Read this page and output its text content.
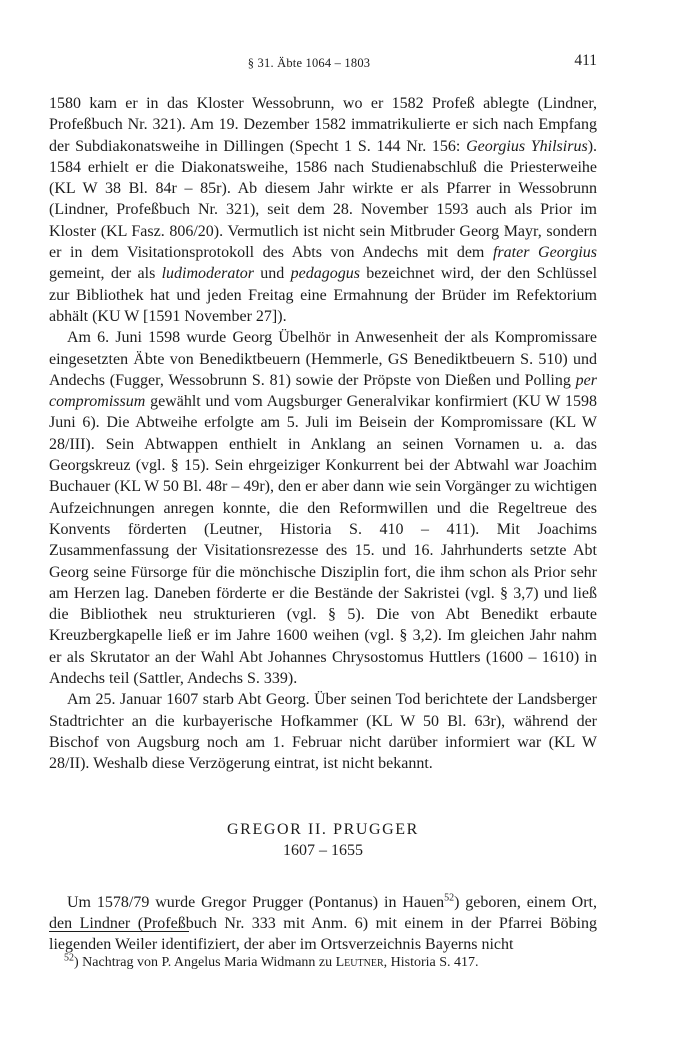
§ 31. Äbte 1064 – 1803	411

1580 kam er in das Kloster Wessobrunn, wo er 1582 Profeß ablegte (Lindner, Profeßbuch Nr. 321). Am 19. Dezember 1582 immatrikulierte er sich nach Empfang der Subdiakonatsweihe in Dillingen (Specht 1 S. 144 Nr. 156: Georgius Yhilsirus). 1584 erhielt er die Diakonatsweihe, 1586 nach Studienabschluß die Priesterweihe (KL W 38 Bl. 84r – 85r). Ab diesem Jahr wirkte er als Pfarrer in Wessobrunn (Lindner, Profeßbuch Nr. 321), seit dem 28. November 1593 auch als Prior im Kloster (KL Fasz. 806/20). Vermutlich ist nicht sein Mitbruder Georg Mayr, sondern er in dem Visitationsprotokoll des Abts von Andechs mit dem frater Georgius gemeint, der als ludimoderator und pedagogus bezeichnet wird, der den Schlüssel zur Bibliothek hat und jeden Freitag eine Ermahnung der Brüder im Refektorium abhält (KU W [1591 November 27]).

Am 6. Juni 1598 wurde Georg Übelhör in Anwesenheit der als Kompromissare eingesetzten Äbte von Benediktbeuern (Hemmerle, GS Benediktbeuern S. 510) und Andechs (Fugger, Wessobrunn S. 81) sowie der Pröpste von Dießen und Polling per compromissum gewählt und vom Augsburger Generalvikar konfirmiert (KU W 1598 Juni 6). Die Abtweihe erfolgte am 5. Juli im Beisein der Kompromissare (KL W 28/III). Sein Abtwappen enthielt in Anklang an seinen Vornamen u. a. das Georgskreuz (vgl. § 15). Sein ehrgeiziger Konkurrent bei der Abtwahl war Joachim Buchauer (KL W 50 Bl. 48r – 49r), den er aber dann wie sein Vorgänger zu wichtigen Aufzeichnungen anregen konnte, die den Reformwillen und die Regeltreue des Konvents förderten (Leutner, Historia S. 410 – 411). Mit Joachims Zusammenfassung der Visitationsrezesse des 15. und 16. Jahrhunderts setzte Abt Georg seine Fürsorge für die mönchische Disziplin fort, die ihm schon als Prior sehr am Herzen lag. Daneben förderte er die Bestände der Sakristei (vgl. § 3,7) und ließ die Bibliothek neu strukturieren (vgl. § 5). Die von Abt Benedikt erbaute Kreuzbergkapelle ließ er im Jahre 1600 weihen (vgl. § 3,2). Im gleichen Jahr nahm er als Skrutator an der Wahl Abt Johannes Chrysostomus Huttlers (1600 – 1610) in Andechs teil (Sattler, Andechs S. 339).

Am 25. Januar 1607 starb Abt Georg. Über seinen Tod berichtete der Landsberger Stadtrichter an die kurbayerische Hofkammer (KL W 50 Bl. 63r), während der Bischof von Augsburg noch am 1. Februar nicht darüber informiert war (KL W 28/II). Weshalb diese Verzögerung eintrat, ist nicht bekannt.

GREGOR II. PRUGGER
1607 – 1655

Um 1578/79 wurde Gregor Prugger (Pontanus) in Hauen$^{52}$) geboren, einem Ort, den Lindner (Profeßbuch Nr. 333 mit Anm. 6) mit einem in der Pfarrei Böbing liegenden Weiler identifiziert, der aber im Ortsverzeichnis Bayerns nicht

$^{52}$) Nachtrag von P. Angelus Maria Widmann zu Leutner, Historia S. 417.
